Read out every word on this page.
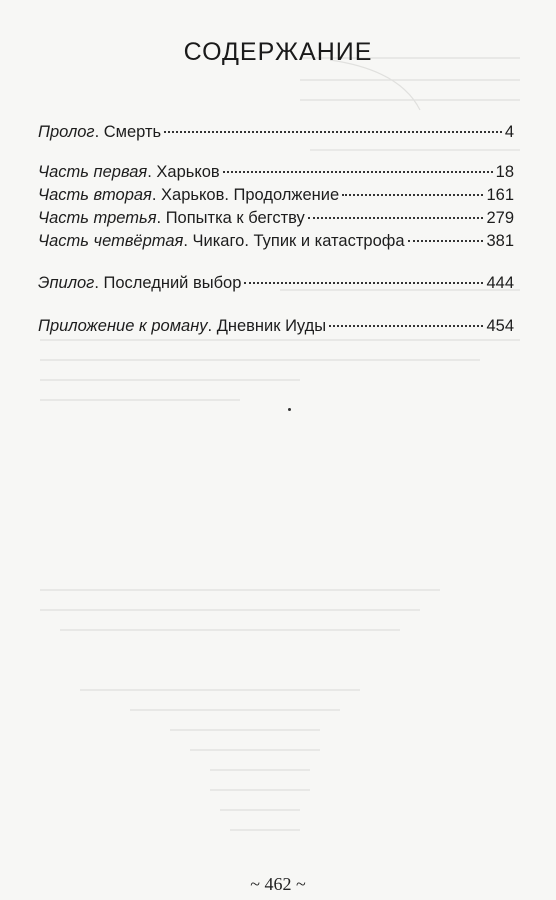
СОДЕРЖАНИЕ
Пролог. Смерть	4
Часть первая. Харьков	18
Часть вторая. Харьков. Продолжение	161
Часть третья. Попытка к бегству	279
Часть четвёртая. Чикаго. Тупик и катастрофа	381
Эпилог. Последний выбор	444
Приложение к роману. Дневник Иуды	454
~ 462 ~
